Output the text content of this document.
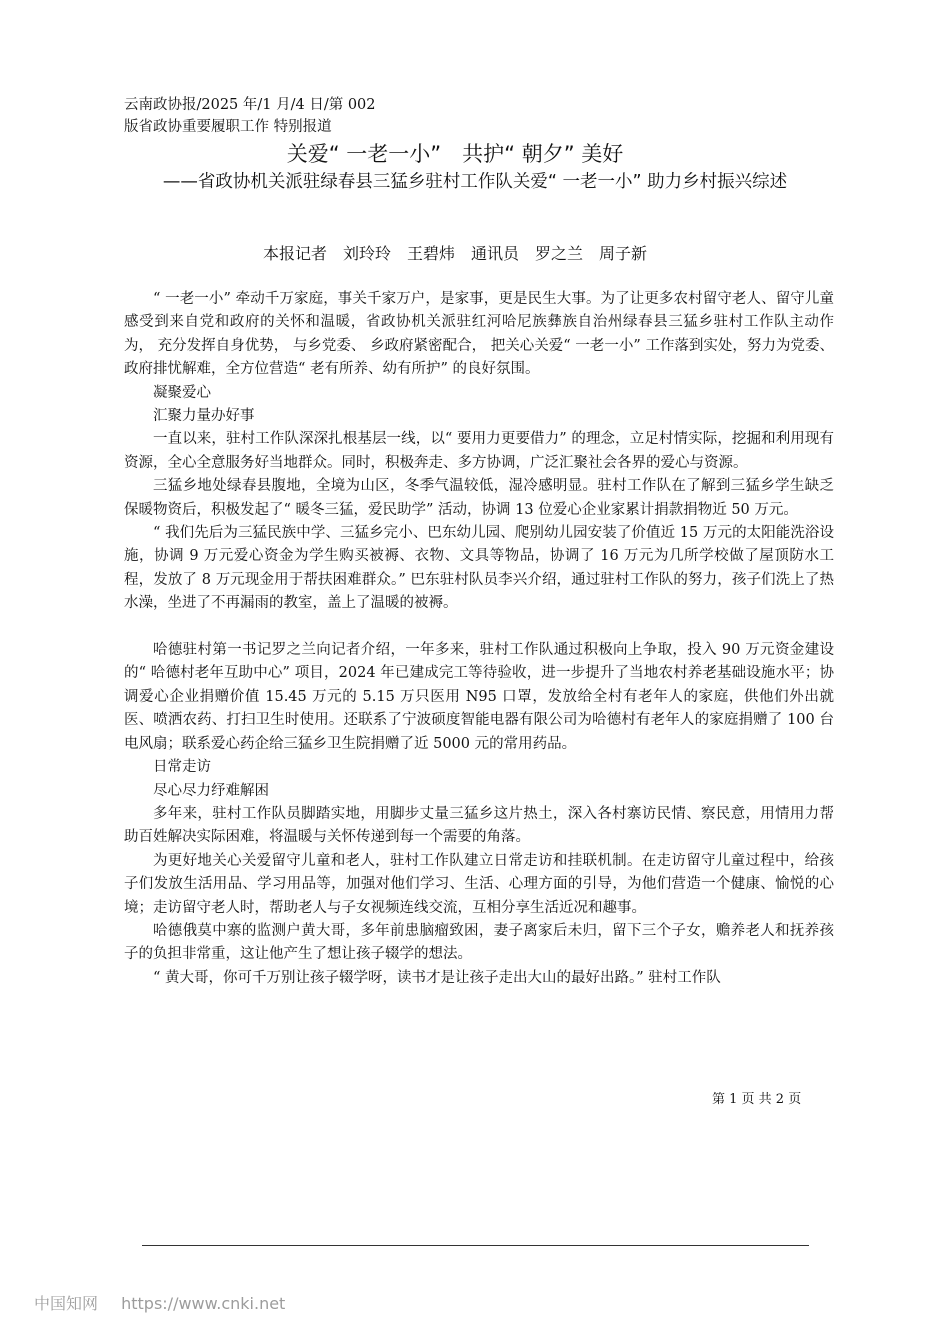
云南政协报/2025 年/1 月/4 日/第 002
版省政协重要履职工作 特别报道
关爱“ 一老一小”　共护“ 朝夕” 美好
——省政协机关派驻绿春县三猛乡驻村工作队关爱“ 一老一小” 助力乡村振兴综述
本报记者　刘玲玲　王碧炜　通讯员　罗之兰　周子新

“ 一老一小” 牵动千万家庭，事关千家万户，是家事，更是民生大事。为了让更多农村留守老人、留守儿童感受到来自党和政府的关怀和温暖，省政协机关派驻红河哈尼族彝族自治州绿春县三猛乡驻村工作队主动作为， 充分发挥自身优势， 与乡党委、 乡政府紧密配合， 把关心关爱“ 一老一小” 工作落到实处，努力为党委、政府排忧解难，全方位营造“ 老有所养、幼有所护” 的良好氛围。

凝聚爱心

汇聚力量办好事

一直以来，驻村工作队深深扎根基层一线，以“ 要用力更要借力” 的理念，立足村情实际，挖掘和利用现有资源，全心全意服务好当地群众。同时，积极奔走、多方协调，广泛汇聚社会各界的爱心与资源。

三猛乡地处绿春县腹地，全境为山区，冬季气温较低，湿冷感明显。驻村工作队在了解到三猛乡学生缺乏保暖物资后，积极发起了“ 暖冬三猛，爱民助学” 活动，协调 13 位爱心企业家累计捐款捐物近 50 万元。

“ 我们先后为三猛民族中学、三猛乡完小、巴东幼儿园、爬别幼儿园安装了价值近 15 万元的太阳能洗浴设施，协调 9 万元爱心资金为学生购买被褥、衣物、文具等物品，协调了 16 万元为几所学校做了屋顶防水工程，发放了 8 万元现金用于帮扶困难群众。” 巴东驻村队员李兴介绍，通过驻村工作队的努力，孩子们洗上了热水澡，坐进了不再漏雨的教室，盖上了温暖的被褥。

哈德驻村第一书记罗之兰向记者介绍，一年多来，驻村工作队通过积极向上争取，投入 90 万元资金建设的“ 哈德村老年互助中心” 项目，2024 年已建成完工等待验收，进一步提升了当地农村养老基础设施水平；协调爱心企业捐赠价值 15.45 万元的 5.15 万只医用 N95 口罩，发放给全村有老年人的家庭，供他们外出就医、喷洒农药、打扫卫生时使用。还联系了宁波硕度智能电器有限公司为哈德村有老年人的家庭捐赠了 100 台电风扇；联系爱心药企给三猛乡卫生院捐赠了近 5000 元的常用药品。

日常走访

尽心尽力纾难解困

多年来，驻村工作队员脚踏实地，用脚步丈量三猛乡这片热土，深入各村寨访民情、察民意，用情用力帮助百姓解决实际困难，将温暖与关怀传递到每一个需要的角落。

为更好地关心关爱留守儿童和老人，驻村工作队建立日常走访和挂联机制。在走访留守儿童过程中，给孩子们发放生活用品、学习用品等，加强对他们学习、生活、心理方面的引导，为他们营造一个健康、愉悦的心境；走访留守老人时，帮助老人与子女视频连线交流，互相分享生活近况和趣事。

哈德俄莫中寨的监测户黄大哥，多年前患脑瘤致困，妻子离家后未归，留下三个子女，赡养老人和抚养孩子的负担非常重，这让他产生了想让孩子辍学的想法。

“ 黄大哥，你可千万别让孩子辍学呀，读书才是让孩子走出大山的最好出路。” 驻村工作队

第 1 页 共 2 页
中国知网 https://www.cnki.net
